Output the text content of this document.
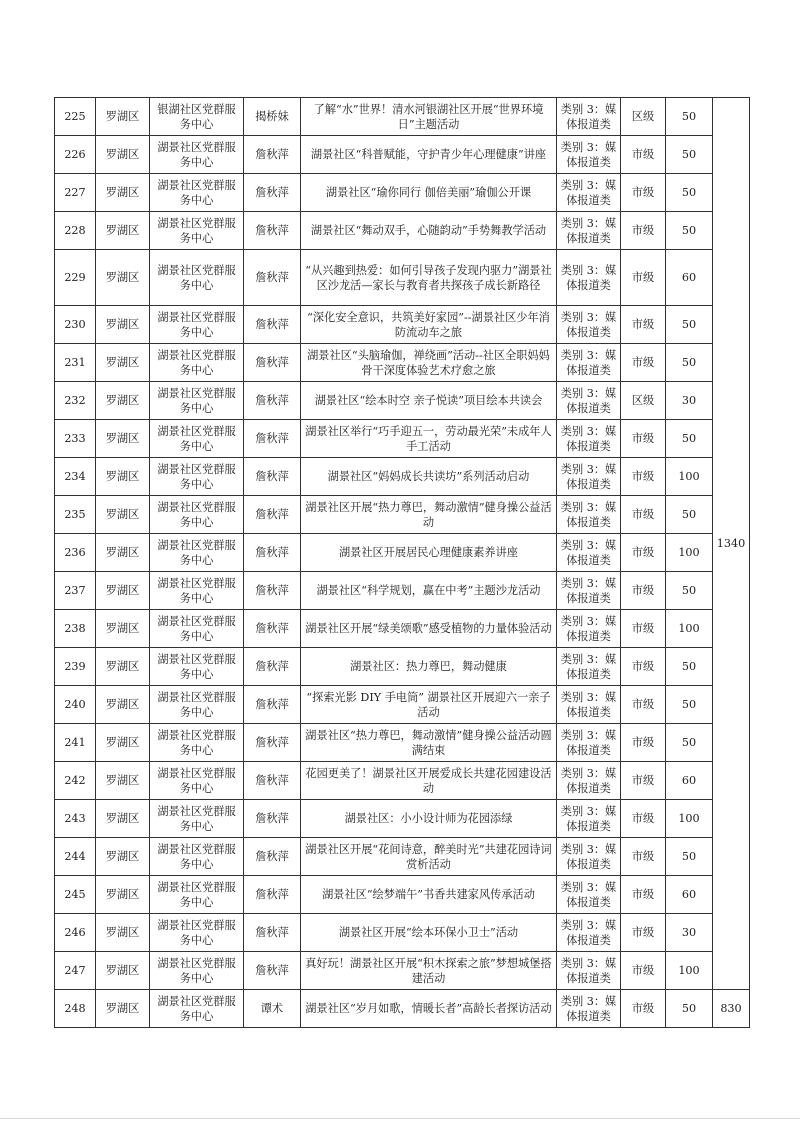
225	罗湖区	银湖社区党群服务中心	揭桥妹	了解“水”世界！清水河银湖社区开展“世界环境日”主题活动	类别 3：媒体报道类	区级	50	1340
226	罗湖区	湖景社区党群服务中心	詹秋萍	湖景社区“科普赋能，守护青少年心理健康”讲座	类别 3：媒体报道类	市级	50	
227	罗湖区	湖景社区党群服务中心	詹秋萍	湖景社区“瑜你同行 伽倍美丽”瑜伽公开课	类别 3：媒体报道类	市级	50	
228	罗湖区	湖景社区党群服务中心	詹秋萍	湖景社区“舞动双手，心随韵动”手势舞教学活动	类别 3：媒体报道类	市级	50	
229	罗湖区	湖景社区党群服务中心	詹秋萍	“从兴趣到热爱：如何引导孩子发现内驱力”湖景社区沙龙活—家长与教育者共探孩子成长新路径	类别 3：媒体报道类	市级	60	
230	罗湖区	湖景社区党群服务中心	詹秋萍	“深化安全意识，共筑美好家园”--湖景社区少年消防流动车之旅	类别 3：媒体报道类	市级	50	
231	罗湖区	湖景社区党群服务中心	詹秋萍	湖景社区“头脑瑜伽，禅绕画”活动--社区全职妈妈骨干深度体验艺术疗愈之旅	类别 3：媒体报道类	市级	50	
232	罗湖区	湖景社区党群服务中心	詹秋萍	湖景社区“绘本时空 亲子悦读”项目绘本共读会	类别 3：媒体报道类	区级	30	
233	罗湖区	湖景社区党群服务中心	詹秋萍	湖景社区举行“巧手迎五一，劳动最光荣”未成年人手工活动	类别 3：媒体报道类	市级	50	
234	罗湖区	湖景社区党群服务中心	詹秋萍	湖景社区“妈妈成长共读坊”系列活动启动	类别 3：媒体报道类	市级	100	
235	罗湖区	湖景社区党群服务中心	詹秋萍	湖景社区开展“热力尊巴，舞动激情”健身操公益活动	类别 3：媒体报道类	市级	50	
236	罗湖区	湖景社区党群服务中心	詹秋萍	湖景社区开展居民心理健康素养讲座	类别 3：媒体报道类	市级	100	
237	罗湖区	湖景社区党群服务中心	詹秋萍	湖景社区“科学规划，赢在中考”主题沙龙活动	类别 3：媒体报道类	市级	50	
238	罗湖区	湖景社区党群服务中心	詹秋萍	湖景社区开展“绿美颂歌”感受植物的力量体验活动	类别 3：媒体报道类	市级	100	
239	罗湖区	湖景社区党群服务中心	詹秋萍	湖景社区：热力尊巴，舞动健康	类别 3：媒体报道类	市级	50	
240	罗湖区	湖景社区党群服务中心	詹秋萍	“探索光影 DIY 手电筒” 湖景社区开展迎六一亲子活动	类别 3：媒体报道类	市级	50	
241	罗湖区	湖景社区党群服务中心	詹秋萍	湖景社区“热力尊巴，舞动激情”健身操公益活动圆满结束	类别 3：媒体报道类	市级	50	
242	罗湖区	湖景社区党群服务中心	詹秋萍	花园更美了！湖景社区开展爱成长共建花园建设活动	类别 3：媒体报道类	市级	60	
243	罗湖区	湖景社区党群服务中心	詹秋萍	湖景社区：小小设计师为花园添绿	类别 3：媒体报道类	市级	100	
244	罗湖区	湖景社区党群服务中心	詹秋萍	湖景社区开展“花间诗意，醉美时光”共建花园诗词赏析活动	类别 3：媒体报道类	市级	50	
245	罗湖区	湖景社区党群服务中心	詹秋萍	湖景社区“绘梦端午”书香共建家风传承活动	类别 3：媒体报道类	市级	60	
246	罗湖区	湖景社区党群服务中心	詹秋萍	湖景社区开展“绘本环保小卫士”活动	类别 3：媒体报道类	市级	30	
247	罗湖区	湖景社区党群服务中心	詹秋萍	真好玩！湖景社区开展“积木探索之旅”梦想城堡搭建活动	类别 3：媒体报道类	市级	100	
248	罗湖区	湖景社区党群服务中心	谭术	湖景社区“岁月如歌，情暖长者”高龄长者探访活动	类别 3：媒体报道类	市级	50	830
